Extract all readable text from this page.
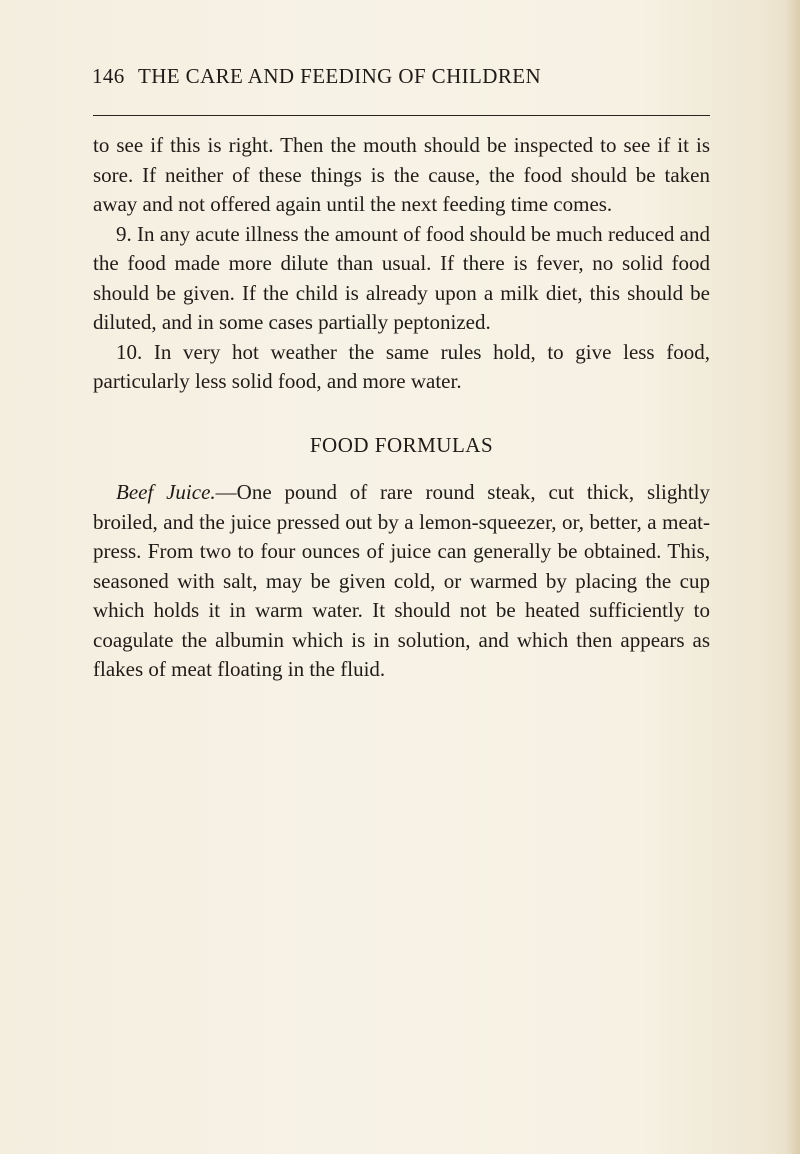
146 THE CARE AND FEEDING OF CHILDREN

to see if this is right. Then the mouth should be inspected to see if it is sore. If neither of these things is the cause, the food should be taken away and not offered again until the next feeding time comes.

9. In any acute illness the amount of food should be much reduced and the food made more dilute than usual. If there is fever, no solid food should be given. If the child is already upon a milk diet, this should be diluted, and in some cases partially peptonized.

10. In very hot weather the same rules hold, to give less food, particularly less solid food, and more water.

FOOD FORMULAS

Beef Juice.—One pound of rare round steak, cut thick, slightly broiled, and the juice pressed out by a lemon-squeezer, or, better, a meat-press. From two to four ounces of juice can generally be obtained. This, seasoned with salt, may be given cold, or warmed by placing the cup which holds it in warm water. It should not be heated sufficiently to coagulate the albumin which is in solution, and which then appears as flakes of meat floating in the fluid.
